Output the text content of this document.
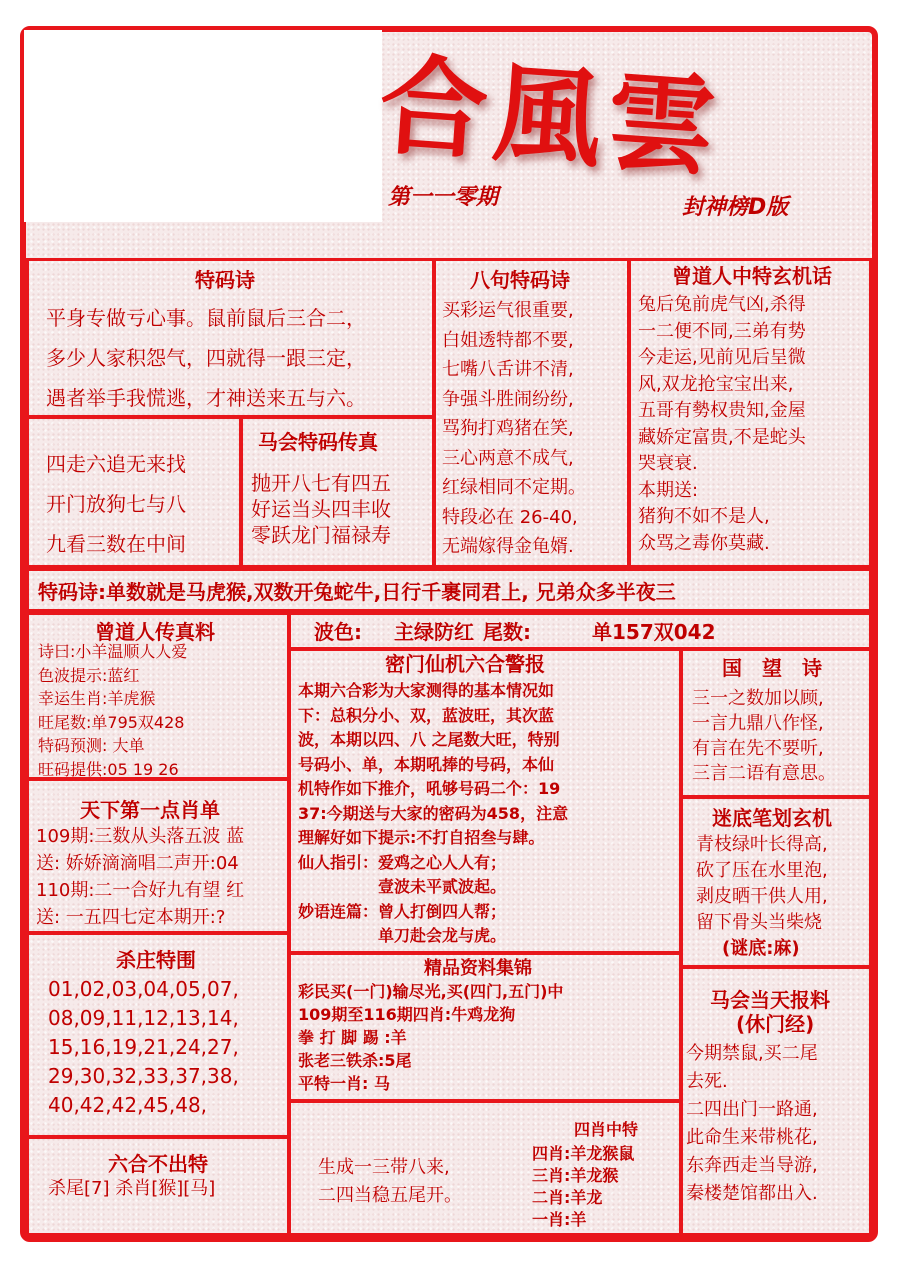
合風雲
第一一零期	封神榜D版
特码诗
平身专做亏心事。鼠前鼠后三合二，
多少人家积怨气，四就得一跟三定，
遇者举手我慌逃，才神送来五与六。
四走六追无来找
开门放狗七与八
九看三数在中间
马会特码传真
抛开八七有四五
好运当头四丰收
零跃龙门福禄寿
八句特码诗
买彩运气很重要,
白姐透特都不要,
七嘴八舌讲不清,
争强斗胜闹纷纷,
骂狗打鸡猪在笑,
三心两意不成气,
红绿相同不定期。
特段必在 26-40,
无端嫁得金龟婿.
曾道人中特玄机话
兔后兔前虎气凶,杀得
一二便不同,三弟有势
今走运,见前见后呈微
风,双龙抢宝宝出来,
五哥有勢权贵知,金屋
藏娇定富贵,不是蛇头
哭衰衰.
本期送:
猪狗不如不是人,
众骂之毒你莫藏.
特码诗:单数就是马虎猴,双数开兔蛇牛,日行千裹同君上, 兄弟众多半夜三
曾道人传真料
诗曰:小羊温顺人人爱
色波提示:蓝红
幸运生肖:羊虎猴
旺尾数:单795双428
特码预测: 大单
旺码提供:05 19 26
波色: 主绿防红 尾数:	单157双042
密门仙机六合警报
本期六合彩为大家测得的基本情况如
下：总积分小、双，蓝波旺，其次蓝
波，本期以四、八 之尾数大旺，特别
号码小、单，本期吼捧的号码，本仙
机特作如下推介，吼够号码二个：19
37:今期送与大家的密码为458，注意
理解好如下提示:不打自招叁与肆。
仙人指引：爱鸡之心人人有；
　　　　　壹波未平贰波起。
妙语连篇：曾人打倒四人帮；
　　　　　单刀赴会龙与虎。
国　望　诗
三一之数加以顾,
一言九鼎八作怪,
有言在先不要听,
三言二语有意思。
天下第一点肖单
109期:三数从头落五波 蓝
送: 娇娇滴滴唱二声开:04
110期:二一合好九有望 红
送: 一五四七定本期开:?
迷底笔划玄机
青枝绿叶长得高,
砍了压在水里泡,
剥皮晒干供人用,
留下骨头当柴烧
(谜底:麻)
杀庄特围
01,02,03,04,05,07,
08,09,11,12,13,14,
15,16,19,21,24,27,
29,30,32,33,37,38,
40,42,42,45,48,
精品资料集锦
彩民买(一门)输尽光,买(四门,五门)中
109期至116期四肖:牛鸡龙狗
拳 打 脚 踢 :羊
张老三铁杀:5尾
平特一肖: 马
马会当天报料
(休门经)
今期禁鼠,买二尾
去死.
二四出门一路通,
此命生来带桃花,
东奔西走当导游,
秦楼楚馆都出入.
六合不出特
杀尾[7] 杀肖[猴][马]
生成一三带八来,
二四当稳五尾开。
四肖中特
四肖:羊龙猴鼠
三肖:羊龙猴
二肖:羊龙
一肖:羊
